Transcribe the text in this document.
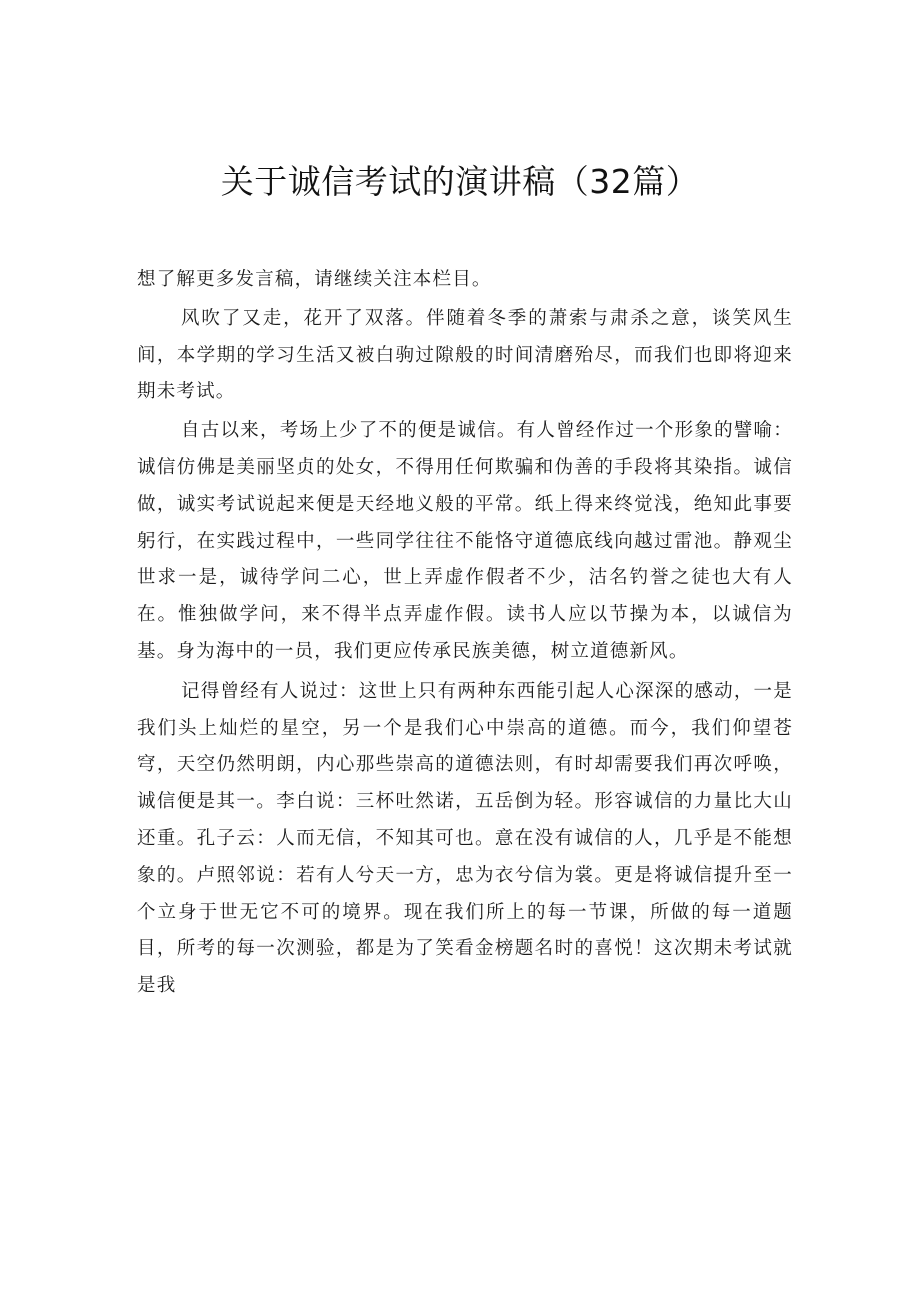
关于诚信考试的演讲稿（32篇）

想了解更多发言稿，请继续关注本栏目。

风吹了又走，花开了双落。伴随着冬季的萧索与肃杀之意，谈笑风生间，本学期的学习生活又被白驹过隙般的时间清磨殆尽，而我们也即将迎来期未考试。

自古以来，考场上少了不的便是诚信。有人曾经作过一个形象的譬喻：诚信仿佛是美丽坚贞的处女，不得用任何欺骗和伪善的手段将其染指。诚信做，诚实考试说起来便是天经地义般的平常。纸上得来终觉浅，绝知此事要躬行，在实践过程中，一些同学往往不能恪守道德底线向越过雷池。静观尘世求一是，诚待学问二心，世上弄虚作假者不少，沽名钓誉之徒也大有人在。惟独做学问，来不得半点弄虚作假。读书人应以节操为本，以诚信为基。身为海中的一员，我们更应传承民族美德，树立道德新风。

记得曾经有人说过：这世上只有两种东西能引起人心深深的感动，一是我们头上灿烂的星空，另一个是我们心中崇高的道德。而今，我们仰望苍穹，天空仍然明朗，内心那些崇高的道德法则，有时却需要我们再次呼唤，诚信便是其一。李白说：三杯吐然诺，五岳倒为轻。形容诚信的力量比大山还重。孔子云：人而无信，不知其可也。意在没有诚信的人，几乎是不能想象的。卢照邻说：若有人兮天一方，忠为衣兮信为裳。更是将诚信提升至一个立身于世无它不可的境界。现在我们所上的每一节课，所做的每一道题目，所考的每一次测验，都是为了笑看金榜题名时的喜悦！这次期未考试就是我
